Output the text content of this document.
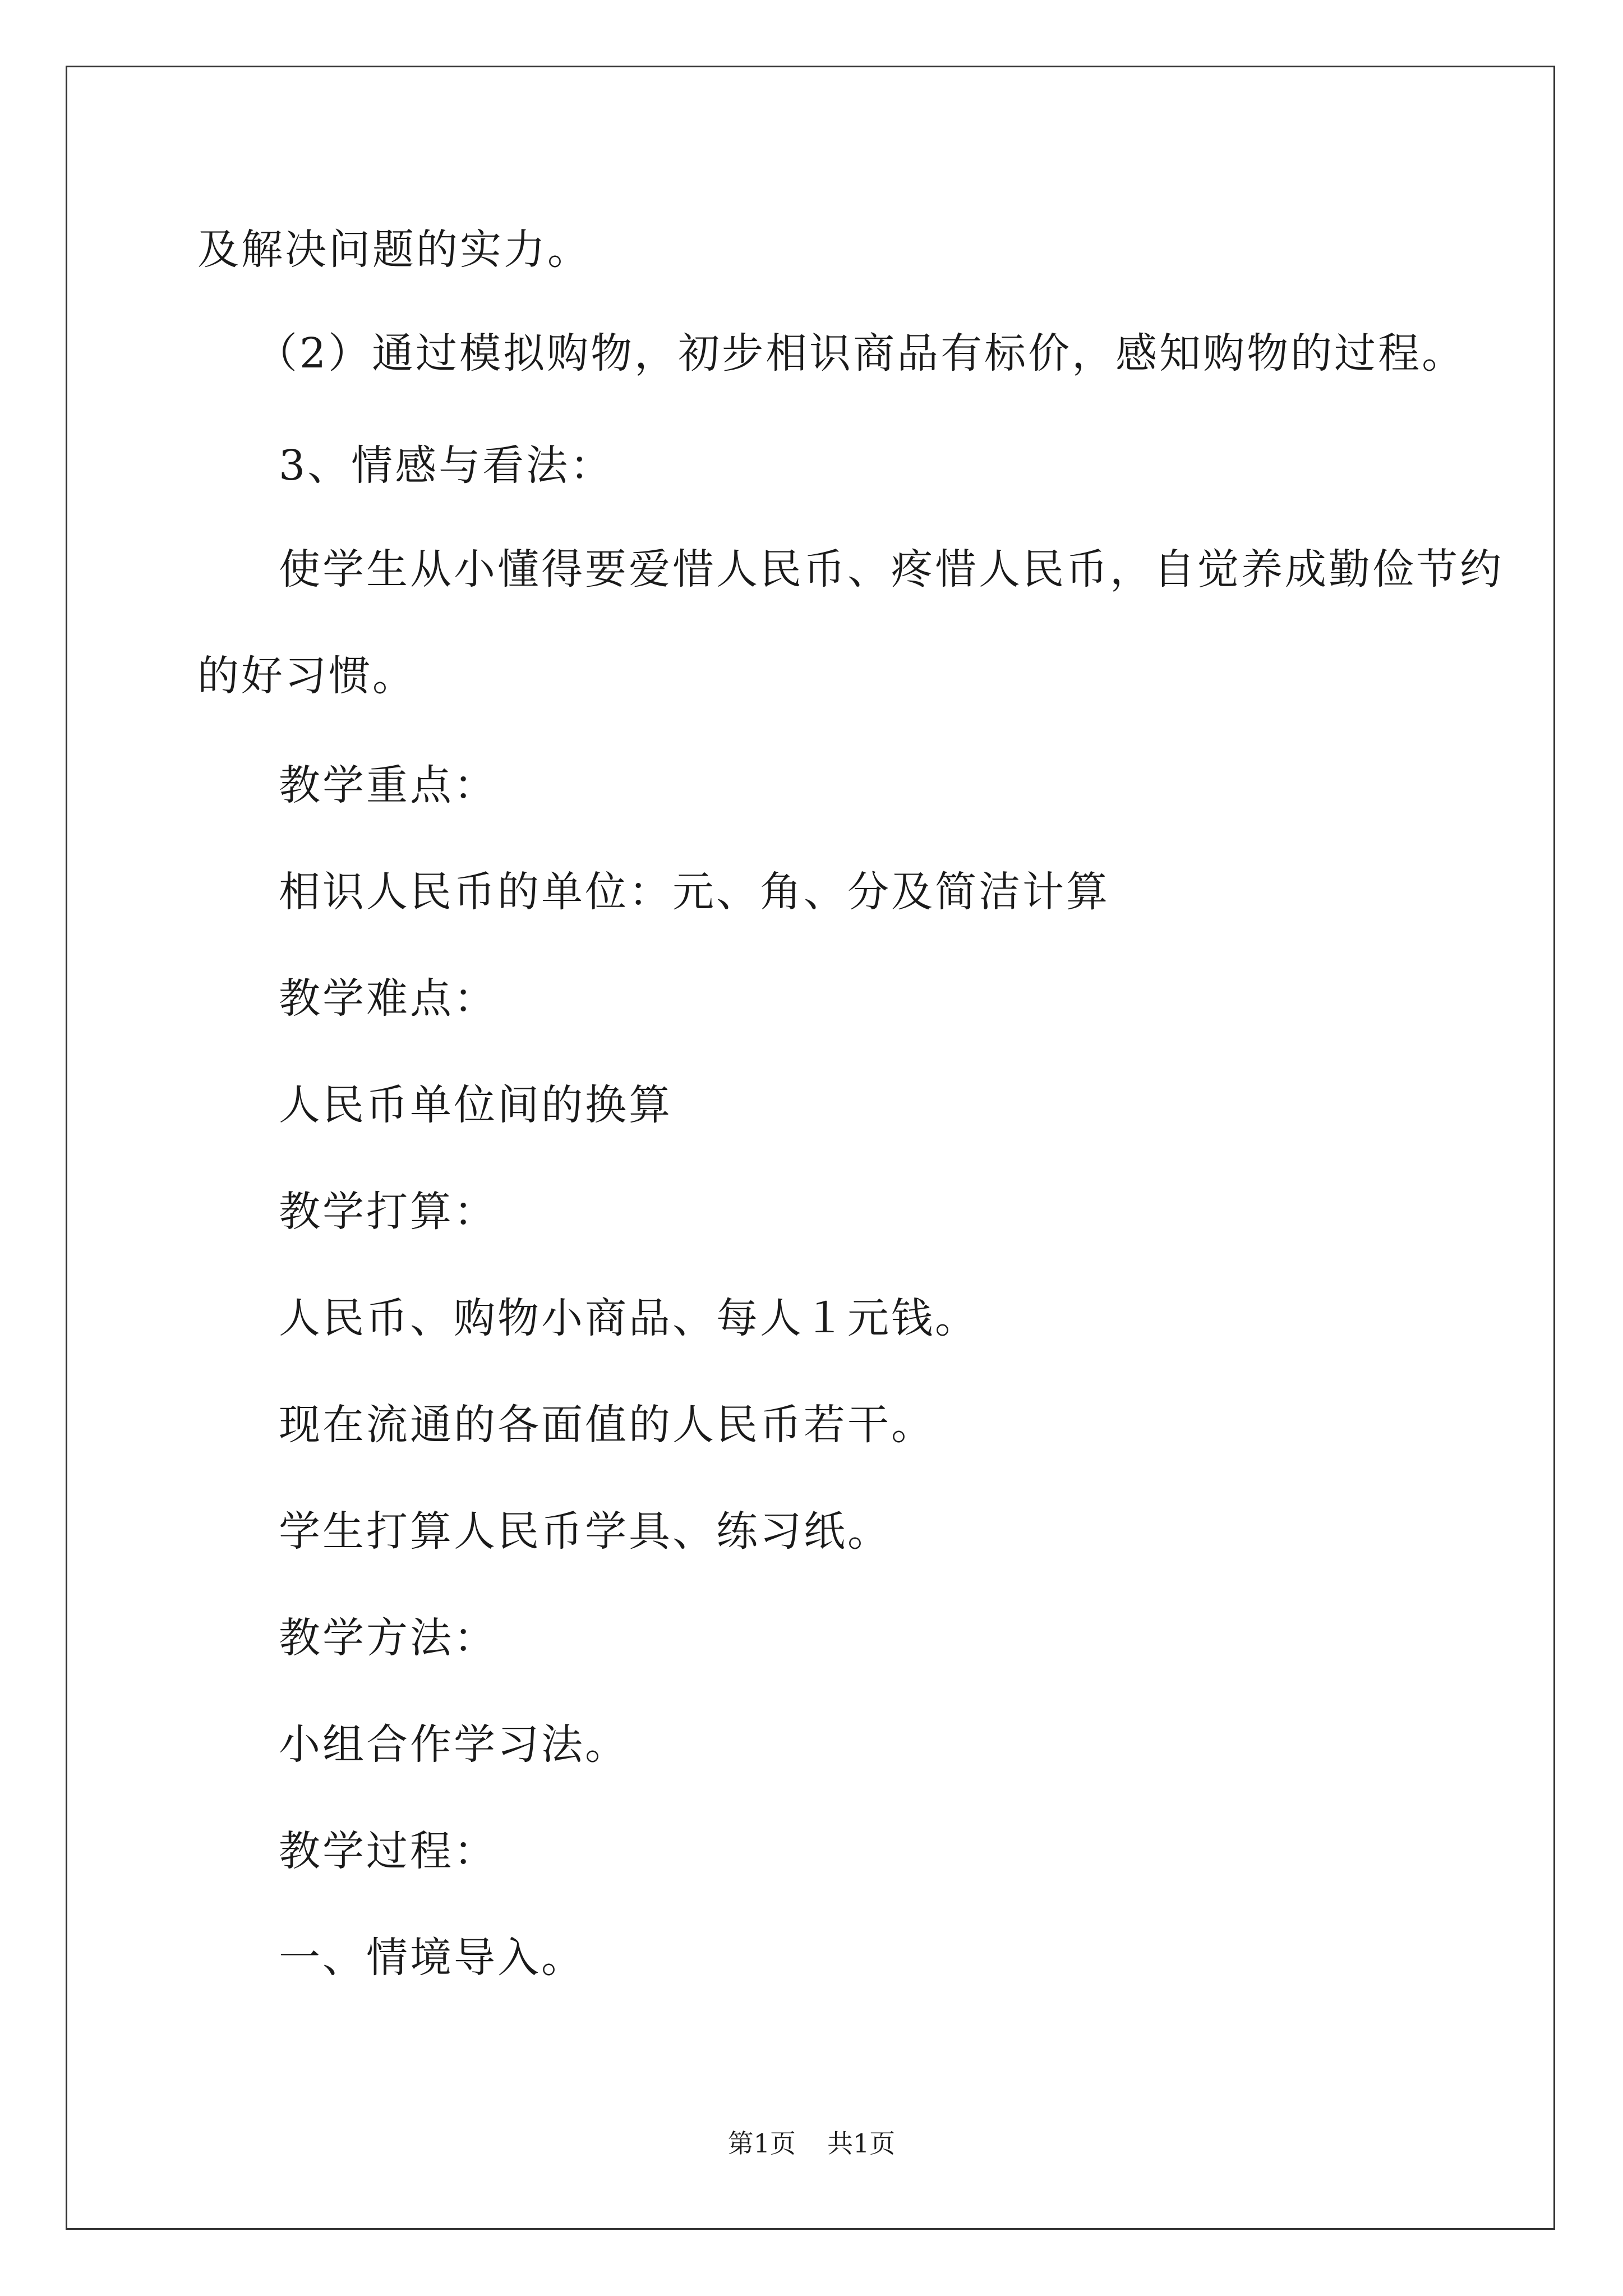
及解决问题的实力。
（2）通过模拟购物，初步相识商品有标价，感知购物的过程。
3、情感与看法：
使学生从小懂得要爱惜人民币、疼惜人民币，自觉养成勤俭节约
的好习惯。
教学重点：
相识人民币的单位：元、角、分及简洁计算
教学难点：
人民币单位间的换算
教学打算：
人民币、购物小商品、每人１元钱。
现在流通的各面值的人民币若干。
学生打算人民币学具、练习纸。
教学方法：
小组合作学习法。
教学过程：
一、情境导入。
第1页 共1页
